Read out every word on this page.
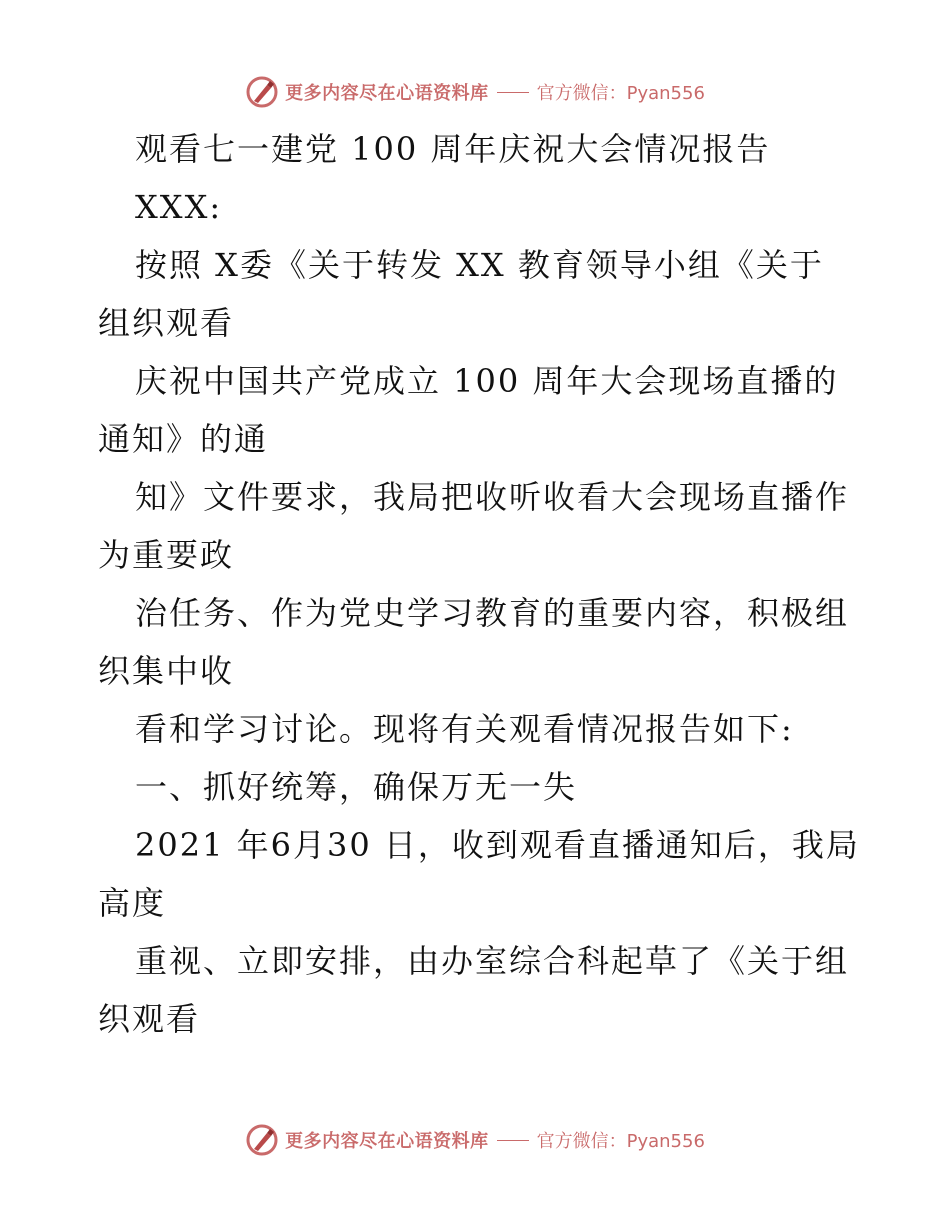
更多内容尽在心语资料库	官方微信：Pyan556
观看七一建党 100 周年庆祝大会情况报告
XXX:
按照 X委《关于转发 XX 教育领导小组《关于
组织观看
庆祝中国共产党成立 100 周年大会现场直播的
通知》的通
知》文件要求，我局把收听收看大会现场直播作
为重要政
治任务、作为党史学习教育的重要内容，积极组
织集中收
看和学习讨论。现将有关观看情况报告如下:
一、抓好统筹，确保万无一失
2021 年6月30 日，收到观看直播通知后，我局
高度
重视、立即安排，由办室综合科起草了《关于组
织观看
更多内容尽在心语资料库	官方微信：Pyan556
